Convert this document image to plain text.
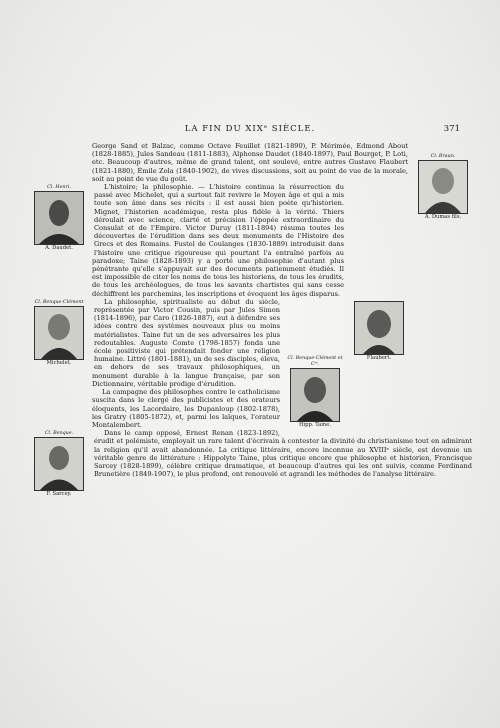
LA FIN DU XIXᵉ SIÈCLE.	371
Cl. Braun.
A. Dumas fils.

George Sand et Balzac, comme Octave Feuillet (1821-1890), P. Mérimée, Edmond About (1828-1885), Jules Sandeau (1811-1883), Alphonse Daudet (1840-1897), Paul Bourget, P. Loti, etc. Beaucoup d'autres, même de grand talent, ont soulevé, entre autres Gustave Flaubert (1821-1880), Émile Zola (1840-1902), de vives discussions, soit au point de vue de la morale, soit au point de vue du goût.

Cl. Henri.
A. Daudet.
Flaubert.

L'histoire; la philosophie. — L'histoire continua la résurrection du passé avec Michelet, qui a surtout fait revivre le Moyen âge et qui a mis toute son âme dans ses récits : il est aussi bien poète qu'historien. Mignet, l'historien académique, resta plus fidèle à la vérité. Thiers déroulait avec science, clarté et précision l'épopée extraordinaire du Consulat et de l'Empire. Victor Duruy (1811-1894) résuma toutes les découvertes de l'érudition dans ses deux monuments de l'Histoire des Grecs et des Romains. Fustel de Coulanges (1830-1889) introduisit dans l'histoire une critique rigoureuse qui pourtant l'a entraîné parfois au paradoxe; Taine (1828-1893) y a porté une philosophie d'autant plus pénétrante qu'elle s'appuyait sur des documents patiemment étudiés. Il est impossible de citer les noms de tous les historiens, de tous les érudits, de tous les archéologues, de tous les savants chartistes qui sans cesse déchiffrent les parchemins, les inscriptions et évoquent les âges disparus.

Cl. Benque-Clément
Michelet.
Cl. Benque-Clément et Cⁱᵉ.
Hipp. Taine.

La philosophie, spiritualiste au début du siècle, représentée par Victor Cousin, puis par Jules Simon (1814-1896), par Caro (1826-1887), eut à défendre ses idées contre des systèmes nouveaux plus ou moins matérialistes. Taine fut un de ses adversaires les plus redoutables. Auguste Comte (1798-1857) fonda une école positiviste qui prétendait fonder une religion humaine. Littré (1801-1881), un de ses disciples, éleva, en dehors de ses travaux philosophiques, un monument durable à la langue française, par son Dictionnaire, véritable prodige d'érudition.

La campagne des philosophes contre le catholicisme suscita dans le clergé des publicistes et des orateurs éloquents, les Lacordaire, les Dupanloup (1802-1878), les Gratry (1805-1872), et, parmi les laïques, l'orateur Montalembert.

Cl. Benque.
F. Sarcey.

Dans le camp opposé, Ernest Renan (1823-1892), érudit et polémiste, employait un rare talent d'écrivain à contester la divinité du christianisme tout en admirant la religion qu'il avait abandonnée. La critique littéraire, encore inconnue au XVIIIᵉ siècle, est devenue un véritable genre de littérature : Hippolyte Taine, plus critique encore que philosophe et historien, Francisque Sarcey (1828-1899), célèbre critique dramatique, et beaucoup d'autres qui les ont suivis, comme Ferdinand Brunetière (1849-1907), le plus profond, ont renouvelé et agrandi les méthodes de l'analyse littéraire.
